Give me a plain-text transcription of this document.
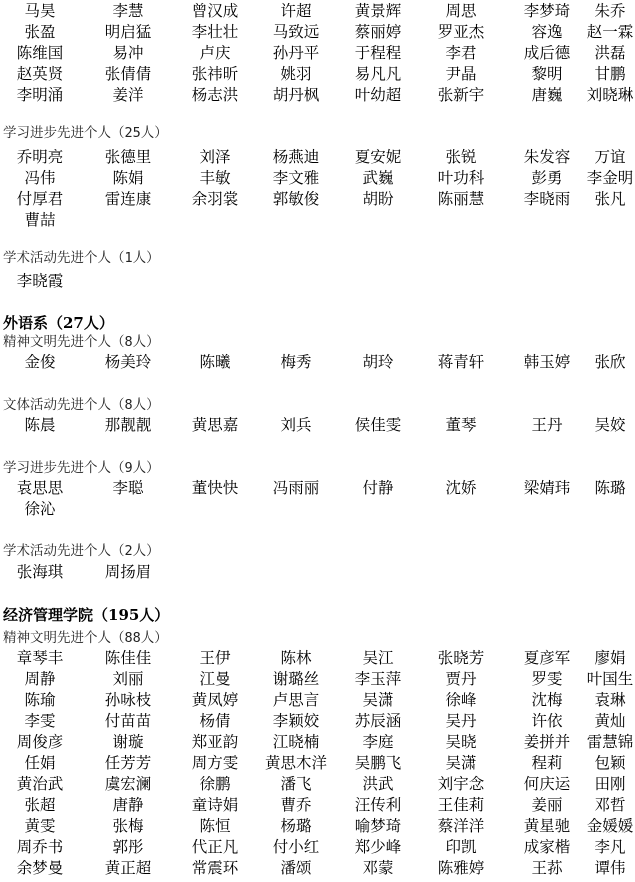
马昊	李慧	曾汉成	许超	黄景辉	周思	李梦琦 朱乔
张盈	明启猛	李壮壮 马致远 蔡丽婷 罗亚杰	容逸 赵一霖
陈维国	易冲	卢庆	孙丹平 于程程	李君	成后德 洪磊
赵英贤	张倩倩	张祎昕	姚羽	易凡凡	尹晶	黎明 甘鹏
李明涌	姜洋	杨志洪 胡丹枫 叶幼超 张新宇	唐巍 刘晓琳
学习进步先进个人（25人）
乔明亮	张德里	刘泽	杨燕迪 夏安妮	张锐	朱发容 万谊
冯伟	陈娟	丰敏	李文雅	武巍	叶功科	彭勇 李金明
付厚君	雷连康	余羽裳 郭敏俊	胡盼	陈丽慧	李晓雨 张凡
曹喆
学术活动先进个人（1人）
李晓霞
外语系（27人）
精神文明先进个人（8人）
金俊	杨美玲	陈曦	梅秀	胡玲	蒋青轩	韩玉婷 张欣
文体活动先进个人（8人）
陈晨	那靓靓	黄思嘉	刘兵	侯佳雯	董琴	王丹 吴姣
学习进步先进个人（9人）
袁思思	李聪	董快快 冯雨丽	付静	沈娇	梁婧玮 陈璐
徐沁
学术活动先进个人（2人）
张海琪	周扬眉
经济管理学院（195人）
精神文明先进个人（88人）
章琴丰	陈佳佳	王伊	陈林	吴江	张晓芳	夏彦军 廖娟
周静	刘丽	江曼	谢璐丝 李玉萍	贾丹	罗雯 叶国生
陈瑜	孙咏枝	黄凤婷 卢思言	吴潇	徐峰	沈梅 袁琳
李雯	付苗苗	杨倩	李颖姣 苏辰涵	吴丹	许依 黄灿
周俊彦	谢璇	郑亚韵 江晓楠	李庭	吴晓	姜拼并 雷慧锦
任娟	任芳芳	周方雯 黄思木洋 吴鹏飞	吴潇	程莉 包颖
黄治武	虞宏澜	徐鹏	潘飞	洪武	刘宇念	何庆运 田刚
张超	唐静	童诗娟	曹乔	汪传利 王佳莉	姜丽 邓哲
黄雯	张梅	陈恒	杨璐	喻梦琦 蔡洋洋	黄星驰 金媛媛
周乔书	郭彤	代正凡 付小红 郑少峰	印凯	成家楷 李凡
余梦曼	黄正超	常震环	潘颂	邓蒙	陈雅婷	王荪 谭伟
